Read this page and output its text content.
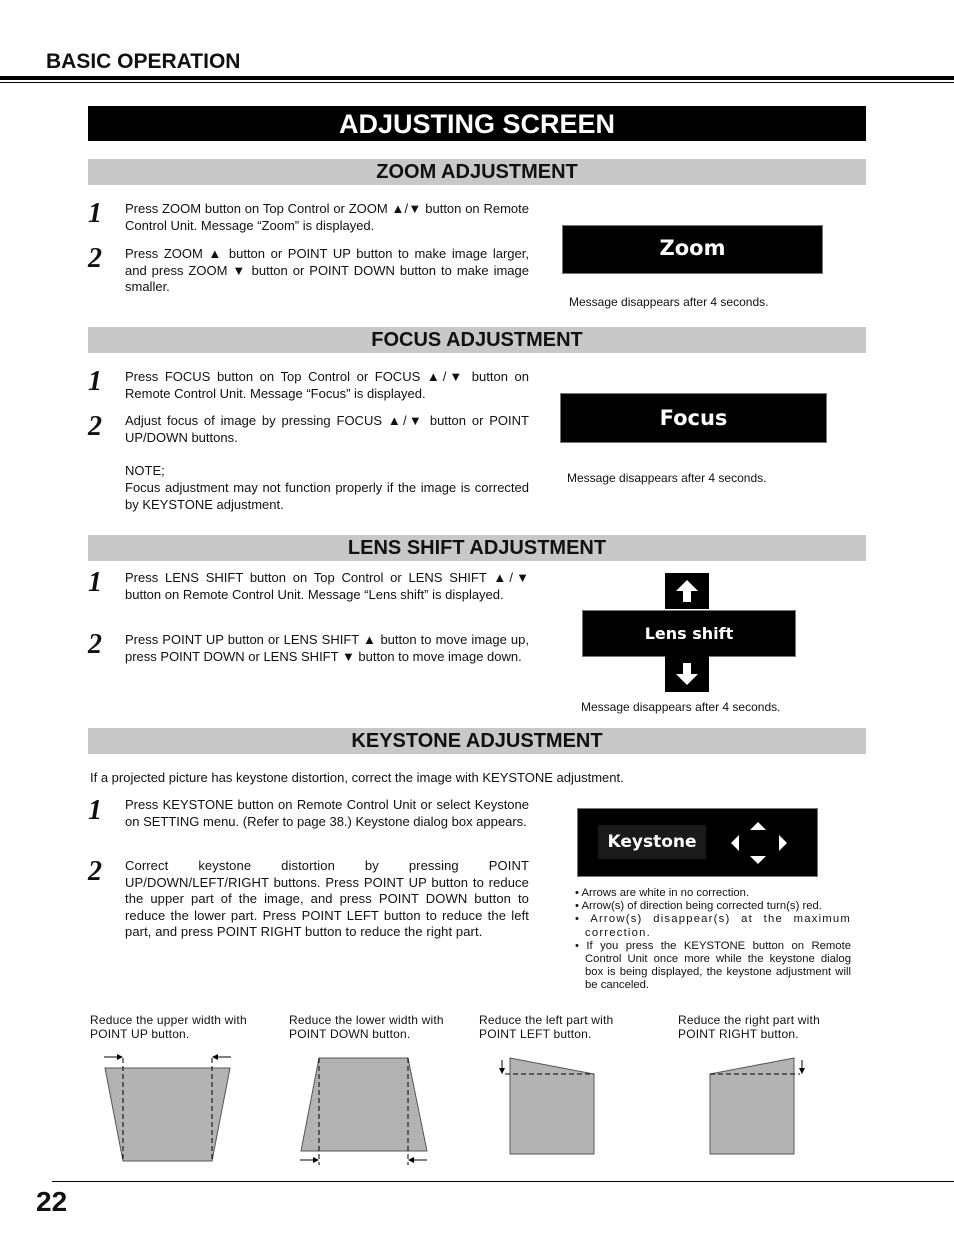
BASIC OPERATION
ADJUSTING SCREEN
ZOOM ADJUSTMENT
1 Press ZOOM button on Top Control or ZOOM ▲/▼ button on Remote Control Unit. Message “Zoom” is displayed.
2 Press ZOOM ▲ button or POINT UP button to make image larger, and press ZOOM ▼ button or POINT DOWN button to make image smaller.
Zoom
Message disappears after 4 seconds.
FOCUS ADJUSTMENT
1 Press FOCUS button on Top Control or FOCUS ▲/▼ button on Remote Control Unit. Message “Focus” is displayed.
2 Adjust focus of image by pressing FOCUS ▲/▼ button or POINT UP/DOWN buttons.
NOTE;
Focus adjustment may not function properly if the image is corrected by KEYSTONE adjustment.
Focus
Message disappears after 4 seconds.
LENS SHIFT ADJUSTMENT
1 Press LENS SHIFT button on Top Control or LENS SHIFT ▲/▼ button on Remote Control Unit. Message “Lens shift” is displayed.
2 Press POINT UP button or LENS SHIFT ▲ button to move image up, press POINT DOWN or LENS SHIFT ▼ button to move image down.
Lens shift
Message disappears after 4 seconds.
KEYSTONE ADJUSTMENT
If a projected picture has keystone distortion, correct the image with KEYSTONE adjustment.
1 Press KEYSTONE button on Remote Control Unit or select Keystone on SETTING menu. (Refer to page 38.) Keystone dialog box appears.
2 Correct keystone distortion by pressing POINT UP/DOWN/LEFT/RIGHT buttons. Press POINT UP button to reduce the upper part of the image, and press POINT DOWN button to reduce the lower part. Press POINT LEFT button to reduce the left part, and press POINT RIGHT button to reduce the right part.
Keystone
• Arrows are white in no correction.
• Arrow(s) of direction being corrected turn(s) red.
• Arrow(s) disappear(s) at the maximum correction.
• If you press the KEYSTONE button on Remote Control Unit once more while the keystone dialog box is being displayed, the keystone adjustment will be canceled.
Reduce the upper width with POINT UP button.
Reduce the lower width with POINT DOWN button.
Reduce the left part with POINT LEFT button.
Reduce the right part with POINT RIGHT button.
22
